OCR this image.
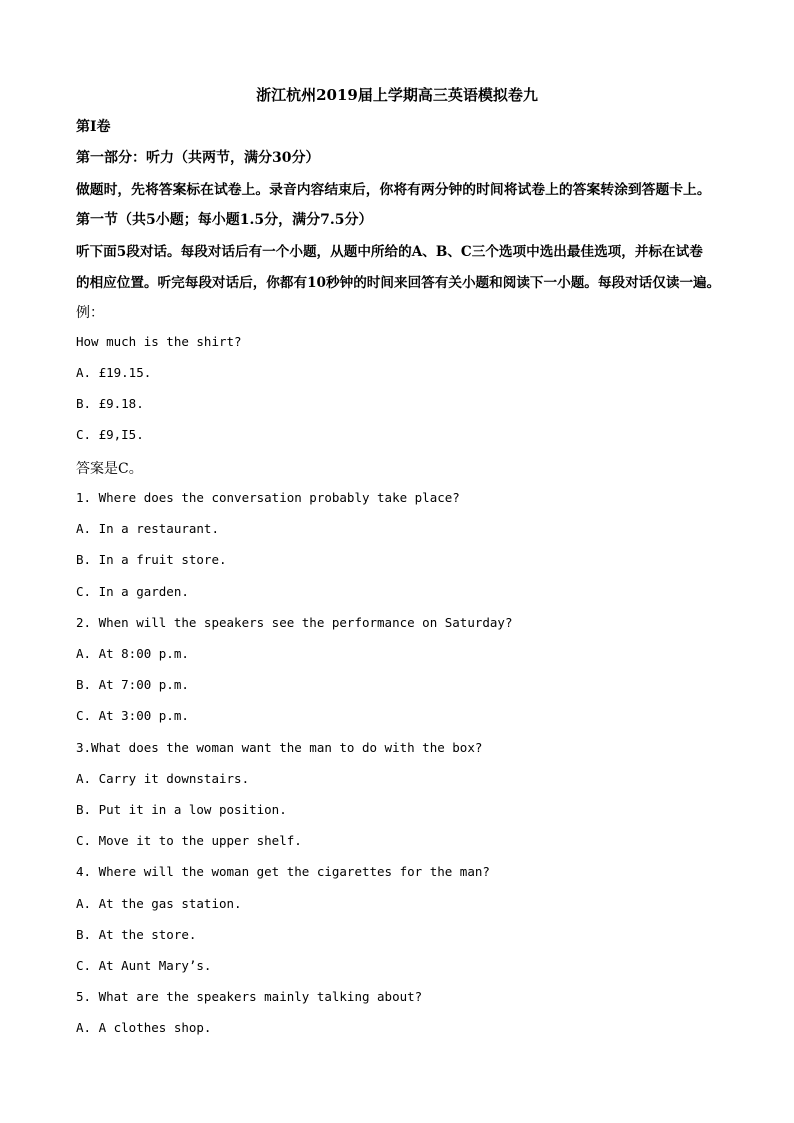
浙江杭州2019届上学期高三英语模拟卷九
第I卷
第一部分：听力（共两节，满分30分）
做题时，先将答案标在试卷上。录音内容结束后，你将有两分钟的时间将试卷上的答案转涂到答题卡上。
第一节（共5小题；每小题1.5分，满分7.5分）
听下面5段对话。每段对话后有一个小题，从题中所给的A、B、C三个选项中选出最佳选项，并标在试卷
的相应位置。听完每段对话后，你都有10秒钟的时间来回答有关小题和阅读下一小题。每段对话仅读一遍。
例：
How much is the shirt?
A. £19.15.
B. £9.18.
C. £9,I5.
答案是C。
1. Where does the conversation probably take place?
A. In a restaurant.
B. In a fruit store.
C. In a garden.
2. When will the speakers see the performance on Saturday?
A. At 8:00 p.m.
B. At 7:00 p.m.
C. At 3:00 p.m.
3.What does the woman want the man to do with the box?
A. Carry it downstairs.
B. Put it in a low position.
C. Move it to the upper shelf.
4. Where will the woman get the cigarettes for the man?
A. At the gas station.
B. At the store.
C. At Aunt Mary’s.
5. What are the speakers mainly talking about?
A. A clothes shop.
